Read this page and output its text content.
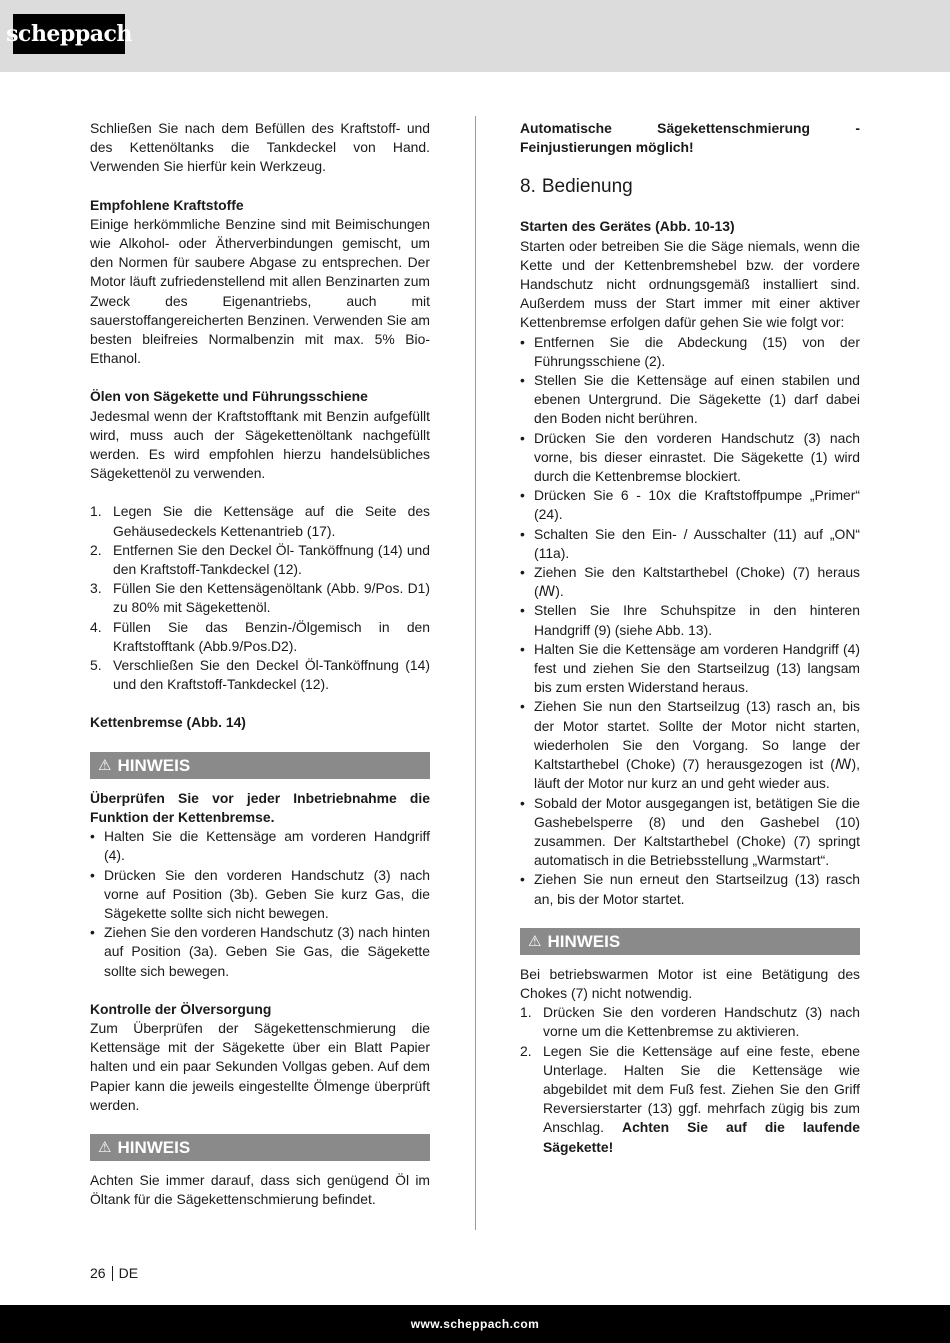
scheppach

Schließen Sie nach dem Befüllen des Kraftstoff- und des Kettenöltanks die Tankdeckel von Hand. Verwenden Sie hierfür kein Werkzeug.

Empfohlene Kraftstoffe

Einige herkömmliche Benzine sind mit Beimischungen wie Alkohol- oder Ätherverbindungen gemischt, um den Normen für saubere Abgase zu entsprechen. Der Motor läuft zufriedenstellend mit allen Benzinarten zum Zweck des Eigenantriebs, auch mit sauerstoffangereicherten Benzinen. Verwenden Sie am besten bleifreies Normalbenzin mit max. 5% Bio-Ethanol.

Ölen von Sägekette und Führungsschiene

Jedesmal wenn der Kraftstofftank mit Benzin aufgefüllt wird, muss auch der Sägekettenöltank nachgefüllt werden. Es wird empfohlen hierzu handelsübliches Sägekettenöl zu verwenden.

1. Legen Sie die Kettensäge auf die Seite des Gehäusedeckels Kettenantrieb (17).
2. Entfernen Sie den Deckel Öl- Tanköffnung (14) und den Kraftstoff-Tankdeckel (12).
3. Füllen Sie den Kettensägenöltank (Abb. 9/Pos. D1) zu 80% mit Sägekettenöl.
4. Füllen Sie das Benzin-/Ölgemisch in den Kraftstofftank (Abb.9/Pos.D2).
5. Verschließen Sie den Deckel Öl-Tanköffnung (14) und den Kraftstoff-Tankdeckel (12).

Kettenbremse (Abb. 14)

⚠ HINWEIS

Überprüfen Sie vor jeder Inbetriebnahme die Funktion der Kettenbremse.

• Halten Sie die Kettensäge am vorderen Handgriff (4).
• Drücken Sie den vorderen Handschutz (3) nach vorne auf Position (3b). Geben Sie kurz Gas, die Sägekette sollte sich nicht bewegen.
• Ziehen Sie den vorderen Handschutz (3) nach hinten auf Position (3a). Geben Sie Gas, die Sägekette sollte sich bewegen.

Kontrolle der Ölversorgung

Zum Überprüfen der Sägekettenschmierung die Kettensäge mit der Sägekette über ein Blatt Papier halten und ein paar Sekunden Vollgas geben. Auf dem Papier kann die jeweils eingestellte Ölmenge überprüft werden.

⚠ HINWEIS

Achten Sie immer darauf, dass sich genügend Öl im Öltank für die Sägekettenschmierung befindet.

Automatische Sägekettenschmierung - Feinjustierungen möglich!

8. Bedienung

Starten des Gerätes (Abb. 10-13)

Starten oder betreiben Sie die Säge niemals, wenn die Kette und der Kettenbremshebel bzw. der vordere Handschutz nicht ordnungsgemäß installiert sind. Außerdem muss der Start immer mit einer aktiver Kettenbremse erfolgen dafür gehen Sie wie folgt vor:

• Entfernen Sie die Abdeckung (15) von der Führungsschiene (2).
• Stellen Sie die Kettensäge auf einen stabilen und ebenen Untergrund. Die Sägekette (1) darf dabei den Boden nicht berühren.
• Drücken Sie den vorderen Handschutz (3) nach vorne, bis dieser einrastet. Die Sägekette (1) wird durch die Kettenbremse blockiert.
• Drücken Sie 6 - 10x die Kraftstoffpumpe „Primer“ (24).
• Schalten Sie den Ein- / Ausschalter (11) auf „ON“ (11a).
• Ziehen Sie den Kaltstarthebel (Choke) (7) heraus (ꟿ).
• Stellen Sie Ihre Schuhspitze in den hinteren Handgriff (9) (siehe Abb. 13).
• Halten Sie die Kettensäge am vorderen Handgriff (4) fest und ziehen Sie den Startseilzug (13) langsam bis zum ersten Widerstand heraus.
• Ziehen Sie nun den Startseilzug (13) rasch an, bis der Motor startet. Sollte der Motor nicht starten, wiederholen Sie den Vorgang. So lange der Kaltstarthebel (Choke) (7) herausgezogen ist (ꟿ), läuft der Motor nur kurz an und geht wieder aus.
• Sobald der Motor ausgegangen ist, betätigen Sie die Gashebelsperre (8) und den Gashebel (10) zusammen. Der Kaltstarthebel (Choke) (7) springt automatisch in die Betriebsstellung „Warmstart“.
• Ziehen Sie nun erneut den Startseilzug (13) rasch an, bis der Motor startet.
⚠ HINWEIS

Bei betriebswarmen Motor ist eine Betätigung des Chokes (7) nicht notwendig.

1. Drücken Sie den vorderen Handschutz (3) nach vorne um die Kettenbremse zu aktivieren.
2. Legen Sie die Kettensäge auf eine feste, ebene Unterlage. Halten Sie die Kettensäge wie abgebildet mit dem Fuß fest. Ziehen Sie den Griff Reversierstarter (13) ggf. mehrfach zügig bis zum Anschlag. Achten Sie auf die laufende Sägekette!
26 DE
www.scheppach.com
